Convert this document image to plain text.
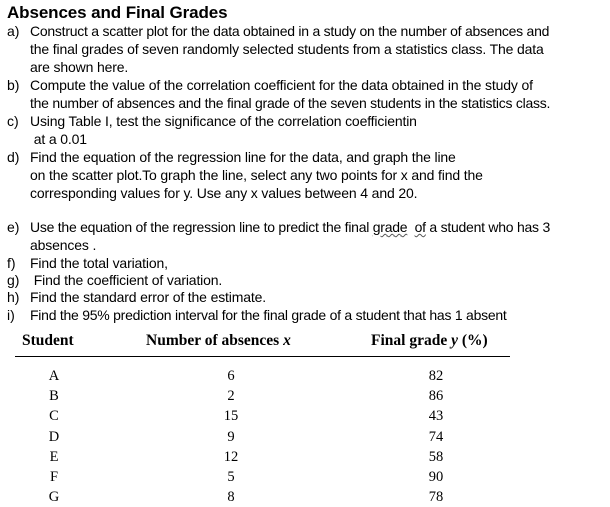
Absences and Final Grades
a) Construct a scatter plot for the data obtained in a study on the number of absences and
the final grades of seven randomly selected students from a statistics class. The data
are shown here.
b) Compute the value of the correlation coefficient for the data obtained in the study of
the number of absences and the final grade of the seven students in the statistics class.
c) Using Table I, test the significance of the correlation coefficientin
at a 0.01
d) Find the equation of the regression line for the data, and graph the line
on the scatter plot.To graph the line, select any two points for x and find the
corresponding values for y. Use any x values between 4 and 20.
e) Use the equation of the regression line to predict the final grade of a student who has 3
absences .
f) Find the total variation,
g) Find the coefficient of variation.
h) Find the standard error of the estimate.
i) Find the 95% prediction interval for the final grade of a student that has 1 absent
Student	Number of absences x	Final grade y (%)
A	6	82
B	2	86
C	15	43
D	9	74
E	12	58
F	5	90
G	8	78
